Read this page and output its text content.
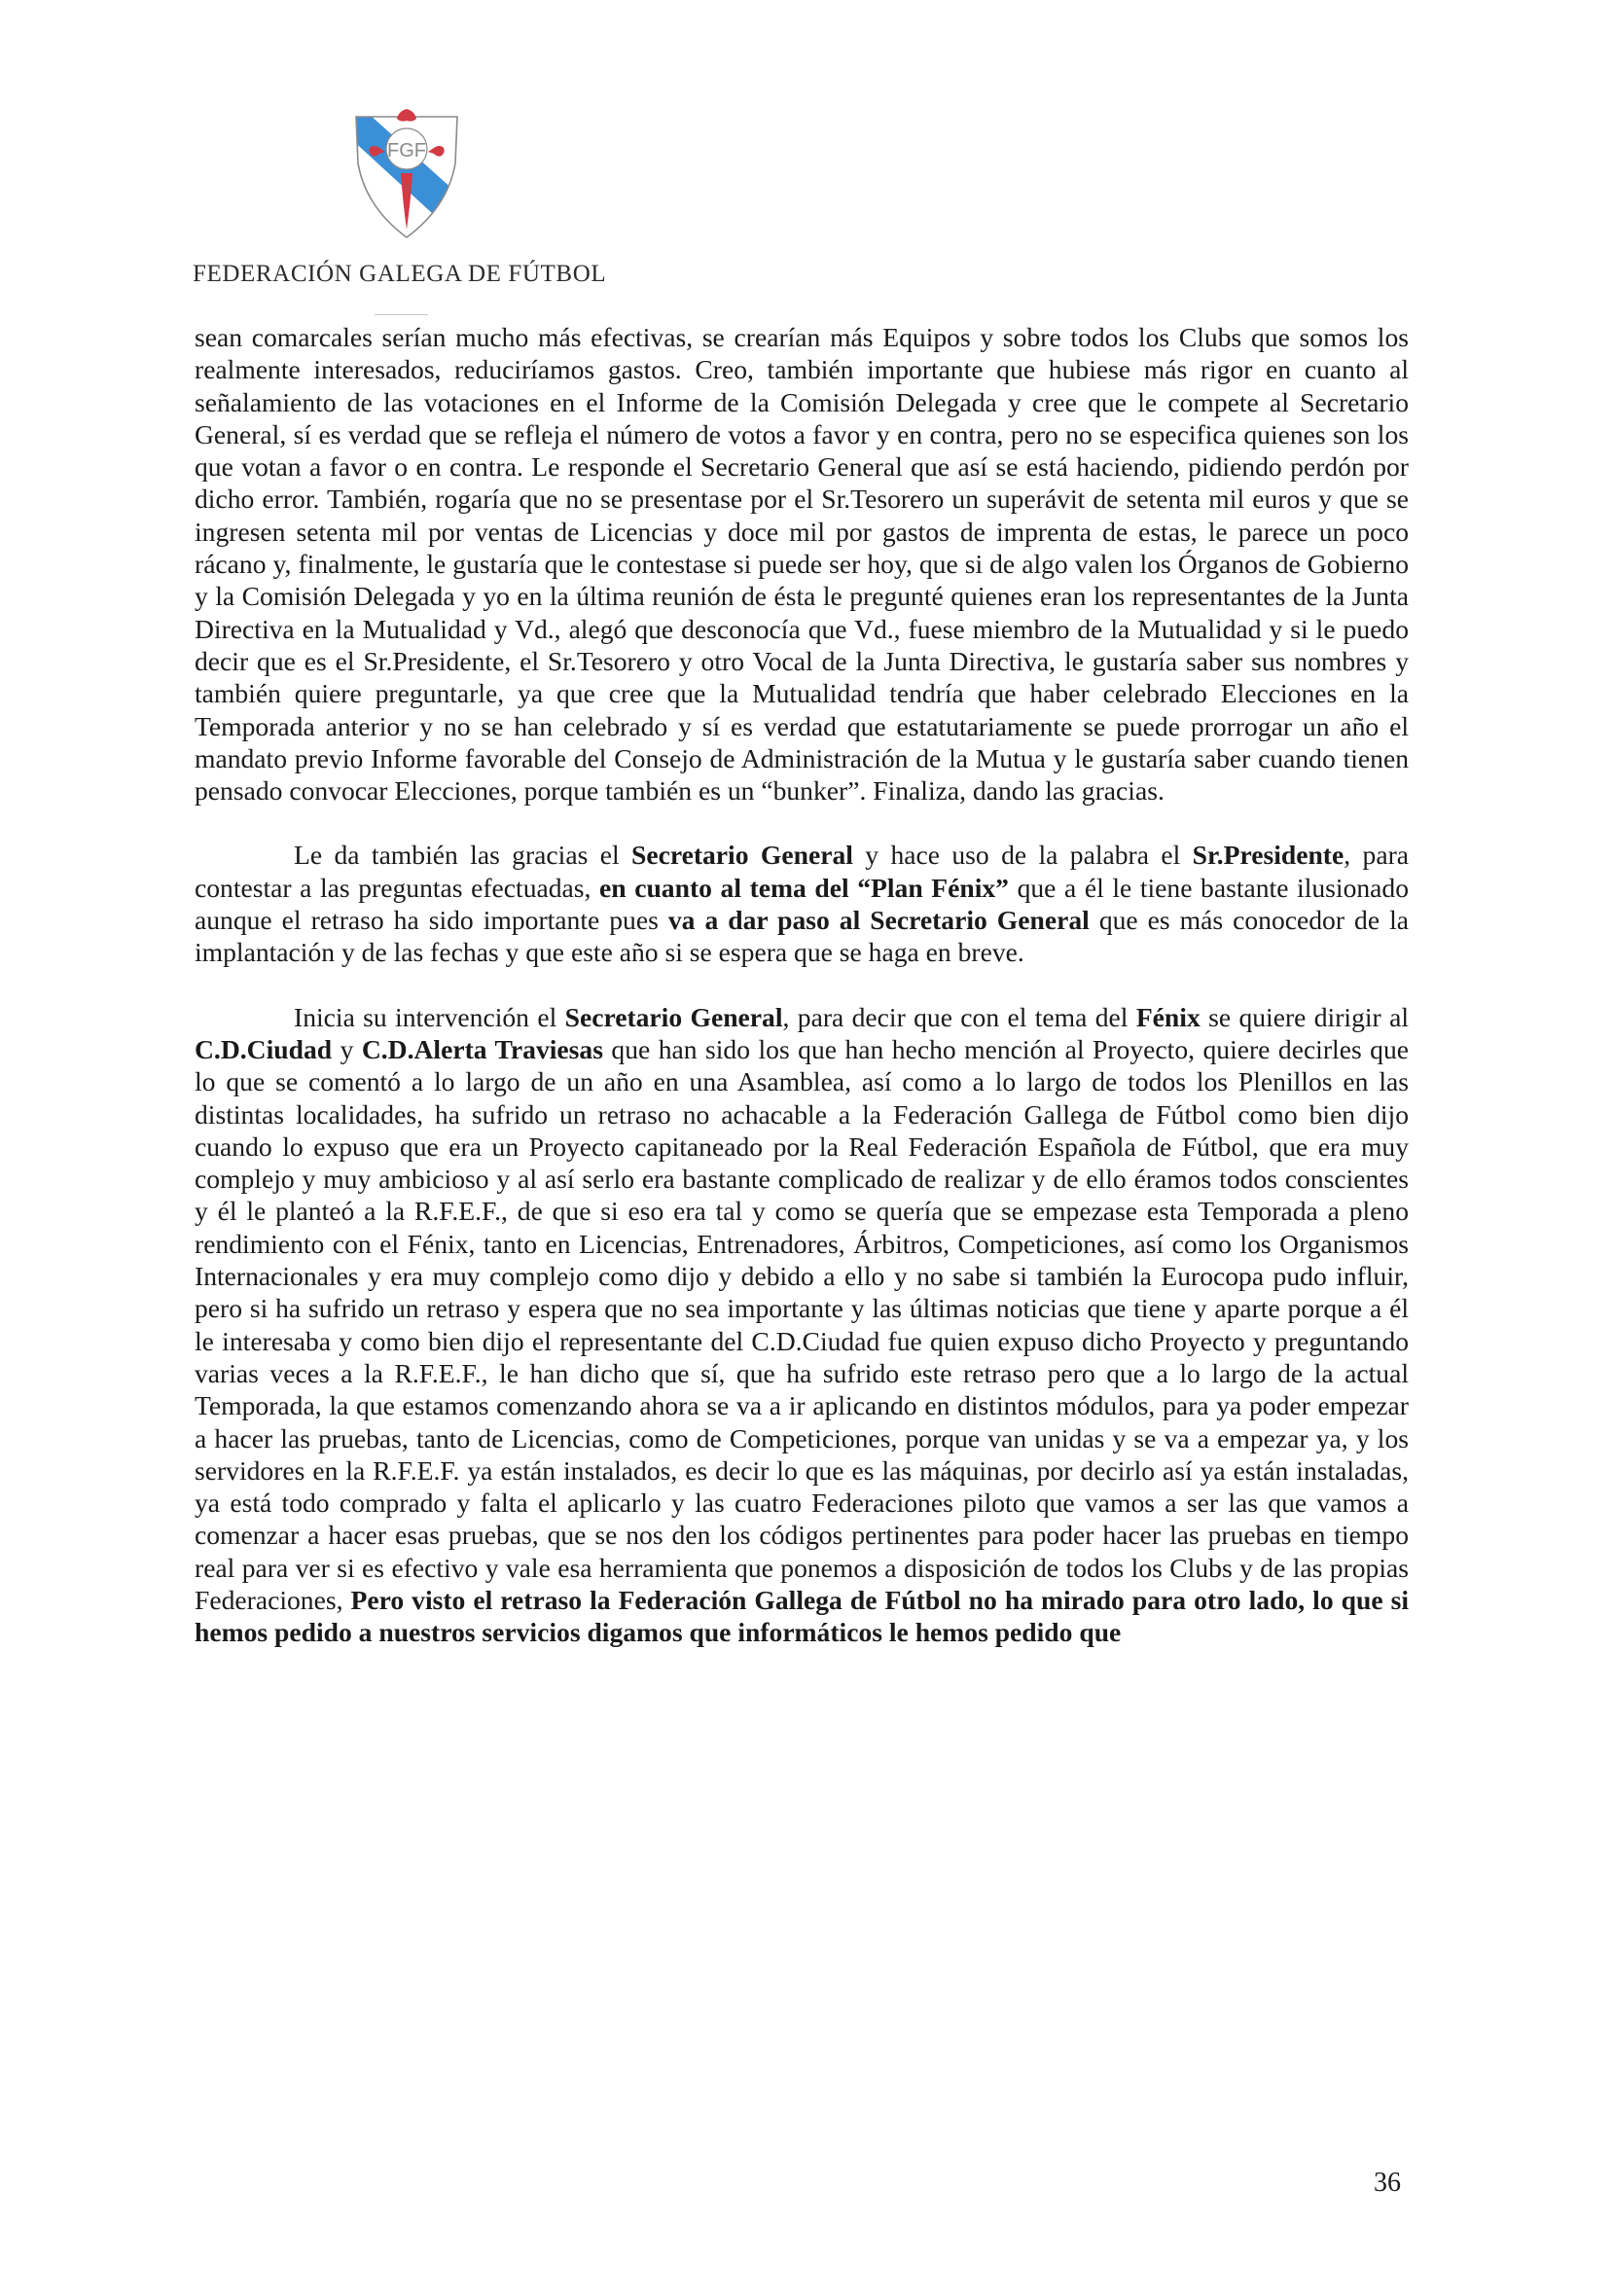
FGF
FEDERACIÓN GALEGA DE FÚTBOL

sean comarcales serían mucho más efectivas, se crearían más Equipos y sobre todos los Clubs que somos los realmente interesados, reduciríamos gastos. Creo, también importante que hubiese más rigor en cuanto al señalamiento de las votaciones en el Informe de la Comisión Delegada y cree que le compete al Secretario General, sí es verdad que se refleja el número de votos a favor y en contra, pero no se especifica quienes son los que votan a favor o en contra. Le responde el Secretario General que así se está haciendo, pidiendo perdón por dicho error. También, rogaría que no se presentase por el Sr.Tesorero un superávit de setenta mil euros y que se ingresen setenta mil por ventas de Licencias y doce mil por gastos de imprenta de estas, le parece un poco rácano y, finalmente, le gustaría que le contestase si puede ser hoy, que si de algo valen los Órganos de Gobierno y la Comisión Delegada y yo en la última reunión de ésta le pregunté quienes eran los representantes de la Junta Directiva en la Mutualidad y Vd., alegó que desconocía que Vd., fuese miembro de la Mutualidad y si le puedo decir que es el Sr.Presidente, el Sr.Tesorero y otro Vocal de la Junta Directiva, le gustaría saber sus nombres y también quiere preguntarle, ya que cree que la Mutualidad tendría que haber celebrado Elecciones en la Temporada anterior y no se han celebrado y sí es verdad que estatutariamente se puede prorrogar un año el mandato previo Informe favorable del Consejo de Administración de la Mutua y le gustaría saber cuando tienen pensado convocar Elecciones, porque también es un “bunker”. Finaliza, dando las gracias.

Le da también las gracias el Secretario General y hace uso de la palabra el Sr.Presidente, para contestar a las preguntas efectuadas, en cuanto al tema del “Plan Fénix” que a él le tiene bastante ilusionado aunque el retraso ha sido importante pues va a dar paso al Secretario General que es más conocedor de la implantación y de las fechas y que este año si se espera que se haga en breve.

Inicia su intervención el Secretario General, para decir que con el tema del Fénix se quiere dirigir al C.D.Ciudad y C.D.Alerta Traviesas que han sido los que han hecho mención al Proyecto, quiere decirles que lo que se comentó a lo largo de un año en una Asamblea, así como a lo largo de todos los Plenillos en las distintas localidades, ha sufrido un retraso no achacable a la Federación Gallega de Fútbol como bien dijo cuando lo expuso que era un Proyecto capitaneado por la Real Federación Española de Fútbol, que era muy complejo y muy ambicioso y al así serlo era bastante complicado de realizar y de ello éramos todos conscientes y él le planteó a la R.F.E.F., de que si eso era tal y como se quería que se empezase esta Temporada a pleno rendimiento con el Fénix, tanto en Licencias, Entrenadores, Árbitros, Competiciones, así como los Organismos Internacionales y era muy complejo como dijo y debido a ello y no sabe si también la Eurocopa pudo influir, pero si ha sufrido un retraso y espera que no sea importante y las últimas noticias que tiene y aparte porque a él le interesaba y como bien dijo el representante del C.D.Ciudad fue quien expuso dicho Proyecto y preguntando varias veces a la R.F.E.F., le han dicho que sí, que ha sufrido este retraso pero que a lo largo de la actual Temporada, la que estamos comenzando ahora se va a ir aplicando en distintos módulos, para ya poder empezar a hacer las pruebas, tanto de Licencias, como de Competiciones, porque van unidas y se va a empezar ya, y los servidores en la R.F.E.F. ya están instalados, es decir lo que es las máquinas, por decirlo así ya están instaladas, ya está todo comprado y falta el aplicarlo y las cuatro Federaciones piloto que vamos a ser las que vamos a comenzar a hacer esas pruebas, que se nos den los códigos pertinentes para poder hacer las pruebas en tiempo real para ver si es efectivo y vale esa herramienta que ponemos a disposición de todos los Clubs y de las propias Federaciones, Pero visto el retraso la Federación Gallega de Fútbol no ha mirado para otro lado, lo que si hemos pedido a nuestros servicios digamos que informáticos le hemos pedido que

36
